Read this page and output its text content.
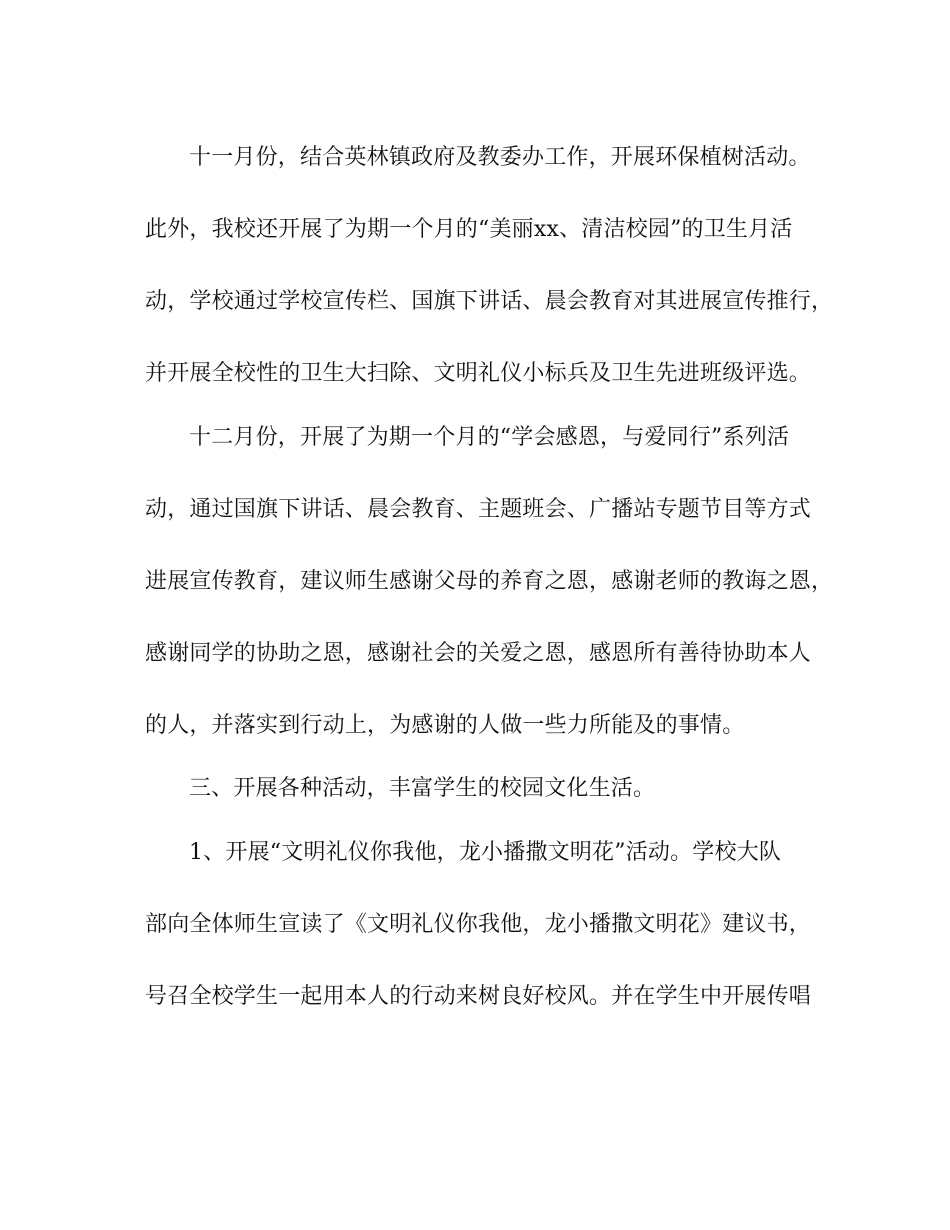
十一月份，结合英林镇政府及教委办工作，开展环保植树活动。
此外，我校还开展了为期一个月的“美丽xx、清洁校园”的卫生月活
动，学校通过学校宣传栏、国旗下讲话、晨会教育对其进展宣传推行，
并开展全校性的卫生大扫除、文明礼仪小标兵及卫生先进班级评选。
十二月份，开展了为期一个月的“学会感恩，与爱同行”系列活
动，通过国旗下讲话、晨会教育、主题班会、广播站专题节目等方式
进展宣传教育，建议师生感谢父母的养育之恩，感谢老师的教诲之恩，
感谢同学的协助之恩，感谢社会的关爱之恩，感恩所有善待协助本人
的人，并落实到行动上，为感谢的人做一些力所能及的事情。
三、开展各种活动，丰富学生的校园文化生活。
1、开展“文明礼仪你我他，龙小播撒文明花”活动。学校大队
部向全体师生宣读了《文明礼仪你我他，龙小播撒文明花》建议书，
号召全校学生一起用本人的行动来树良好校风。并在学生中开展传唱
